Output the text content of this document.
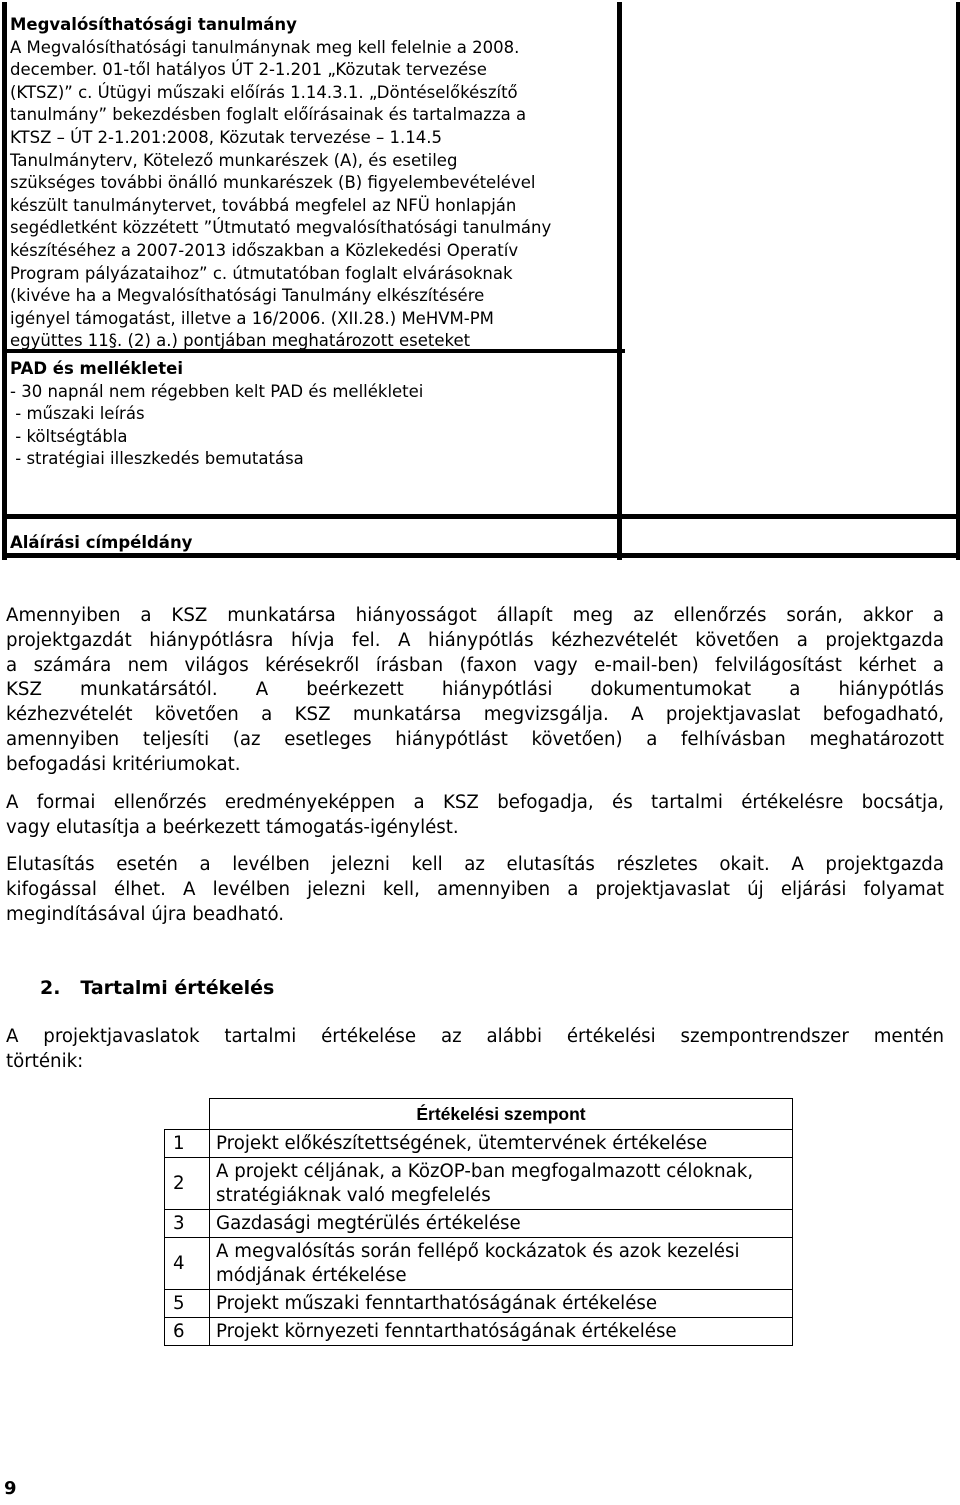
Megvalósíthatósági tanulmány
A Megvalósíthatósági tanulmánynak meg kell felelnie a 2008.
december. 01-től hatályos ÚT 2-1.201 „Közutak tervezése
(KTSZ)” c. Útügyi műszaki előírás 1.14.3.1. „Döntéselőkészítő
tanulmány” bekezdésben foglalt előírásainak és tartalmazza a
KTSZ – ÚT 2-1.201:2008, Közutak tervezése – 1.14.5
Tanulmányterv, Kötelező munkarészek (A), és esetileg
szükséges további önálló munkarészek (B) figyelembevételével
készült tanulmánytervet, továbbá megfelel az NFÜ honlapján
segédletként közzétett ”Útmutató megvalósíthatósági tanulmány
készítéséhez a 2007-2013 időszakban a Közlekedési Operatív
Program pályázataihoz” c. útmutatóban foglalt elvárásoknak
(kivéve ha a Megvalósíthatósági Tanulmány elkészítésére
igényel támogatást, illetve a 16/2006. (XII.28.) MeHVM-PM
együttes 11§. (2) a.) pontjában meghatározott eseteket
PAD és mellékletei
- 30 napnál nem régebben kelt PAD és mellékletei
- műszaki leírás
- költségtábla
- stratégiai illeszkedés bemutatása
Aláírási címpéldány
Amennyiben a KSZ munkatársa hiányosságot állapít meg az ellenőrzés során, akkor a
projektgazdát hiánypótlásra hívja fel. A hiánypótlás kézhezvételét követően a projektgazda
a számára nem világos kérésekről írásban (faxon vagy e-mail-ben) felvilágosítást kérhet a
KSZ munkatársától. A beérkezett hiánypótlási dokumentumokat a hiánypótlás
kézhezvételét követően a KSZ munkatársa megvizsgálja. A projektjavaslat befogadható,
amennyiben teljesíti (az esetleges hiánypótlást követően) a felhívásban meghatározott
befogadási kritériumokat.
A formai ellenőrzés eredményeképpen a KSZ befogadja, és tartalmi értékelésre bocsátja,
vagy elutasítja a beérkezett támogatás-igénylést.
Elutasítás esetén a levélben jelezni kell az elutasítás részletes okait. A projektgazda
kifogással élhet. A levélben jelezni kell, amennyiben a projektjavaslat új eljárási folyamat
megindításával újra beadható.
2. Tartalmi értékelés
A projektjavaslatok tartalmi értékelése az alábbi értékelési szempontrendszer mentén
történik:
	Értékelési szempont
1	Projekt előkészítettségének, ütemtervének értékelése
2	A projekt céljának, a KözOP-ban megfogalmazott céloknak, stratégiáknak való megfelelés
3	Gazdasági megtérülés értékelése
4	A megvalósítás során fellépő kockázatok és azok kezelési módjának értékelése
5	Projekt műszaki fenntarthatóságának értékelése
6	Projekt környezeti fenntarthatóságának értékelése
9
